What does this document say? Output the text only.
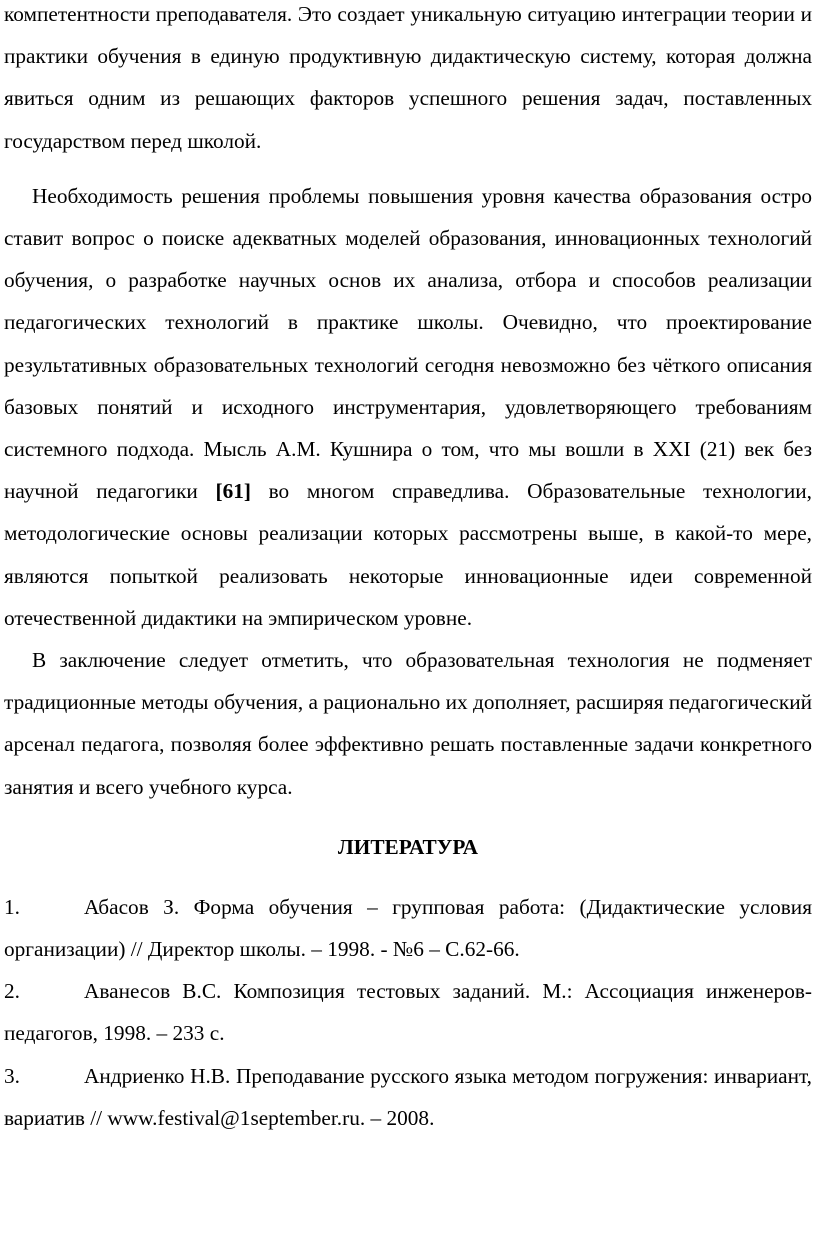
компетентности преподавателя. Это создает уникальную ситуацию интеграции теории и практики обучения в единую продуктивную дидактическую систему, которая должна явиться одним из решающих факторов успешного решения задач, поставленных государством перед школой.

Необходимость решения проблемы повышения уровня качества образования остро ставит вопрос о поиске адекватных моделей образования, инновационных технологий обучения, о разработке научных основ их анализа, отбора и способов реализации педагогических технологий в практике школы. Очевидно, что проектирование результативных образовательных технологий сегодня невозможно без чёткого описания базовых понятий и исходного инструментария, удовлетворяющего требованиям системного подхода. Мысль А.М. Кушнира о том, что мы вошли в XXI (21) век без научной педагогики [61] во многом справедлива. Образовательные технологии, методологические основы реализации которых рассмотрены выше, в какой-то мере, являются попыткой реализовать некоторые инновационные идеи современной отечественной дидактики на эмпирическом уровне.

В заключение следует отметить, что образовательная технология не подменяет традиционные методы обучения, а рационально их дополняет, расширяя педагогический арсенал педагога, позволяя более эффективно решать поставленные задачи конкретного занятия и всего учебного курса.

ЛИТЕРАТУРА

1.	Абасов З. Форма обучения – групповая работа: (Дидактические условия организации) // Директор школы. – 1998. - №6 – С.62-66.

2.	Аванесов В.С. Композиция тестовых заданий. М.: Ассоциация инженеров-педагогов, 1998. – 233 с.

3.	Андриенко Н.В. Преподавание русского языка методом погружения: инвариант, вариатив // www.festival@1september.ru. – 2008.
